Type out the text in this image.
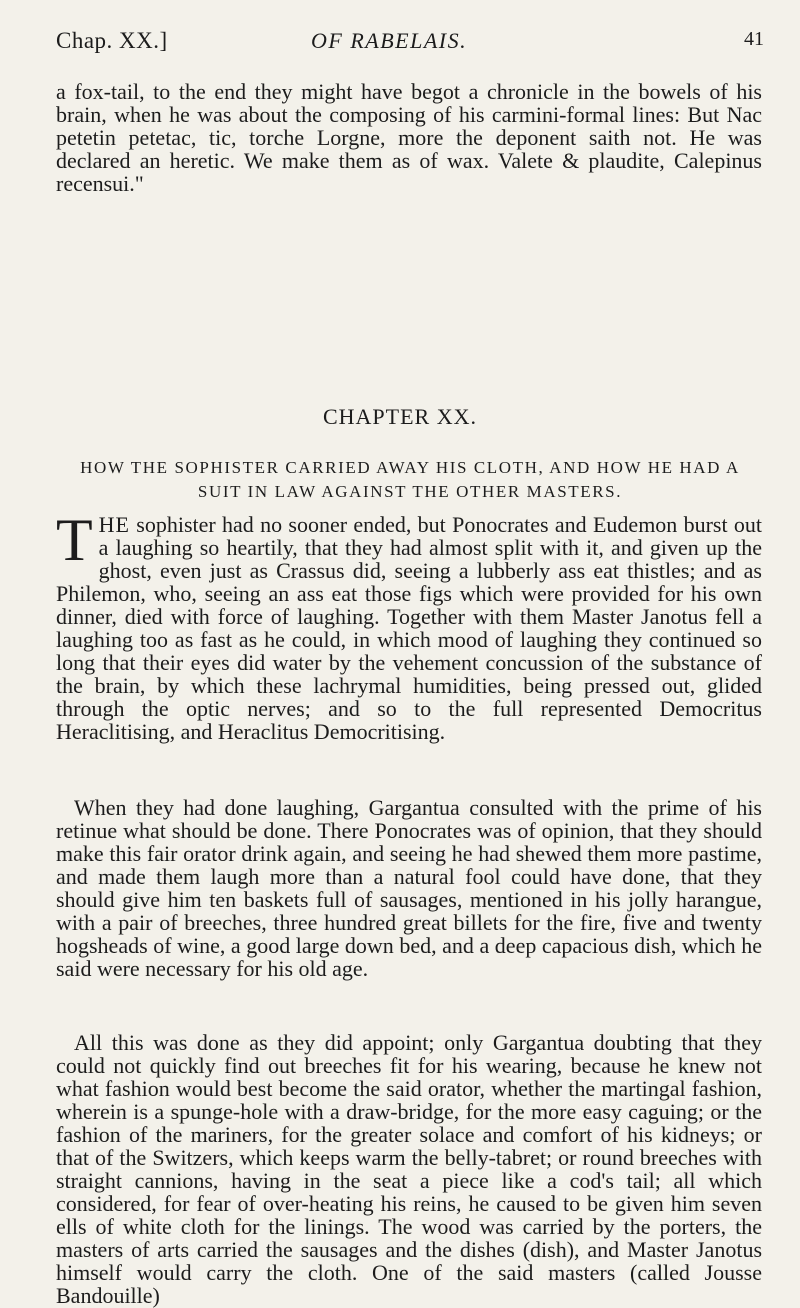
Chap. XX.]	OF RABELAIS.	41

a fox-tail, to the end they might have begot a chronicle in the bowels of his brain, when he was about the composing of his carmini-formal lines: But Nac petetin petetac, tic, torche Lorgne, more the deponent saith not. He was declared an heretic. We make them as of wax. Valete & plaudite, Calepinus recensui."

CHAPTER XX.
HOW THE SOPHISTER CARRIED AWAY HIS CLOTH, AND HOW HE HAD A SUIT IN LAW AGAINST THE OTHER MASTERS.

THE sophister had no sooner ended, but Ponocrates and Eudemon burst out a laughing so heartily, that they had almost split with it, and given up the ghost, even just as Crassus did, seeing a lubberly ass eat thistles; and as Philemon, who, seeing an ass eat those figs which were provided for his own dinner, died with force of laughing. Together with them Master Janotus fell a laughing too as fast as he could, in which mood of laughing they continued so long that their eyes did water by the vehement concussion of the substance of the brain, by which these lachrymal humidities, being pressed out, glided through the optic nerves; and so to the full represented Democritus Heraclitising, and Heraclitus Democritising.

When they had done laughing, Gargantua consulted with the prime of his retinue what should be done. There Ponocrates was of opinion, that they should make this fair orator drink again, and seeing he had shewed them more pastime, and made them laugh more than a natural fool could have done, that they should give him ten baskets full of sausages, mentioned in his jolly harangue, with a pair of breeches, three hundred great billets for the fire, five and twenty hogsheads of wine, a good large down bed, and a deep capacious dish, which he said were necessary for his old age.

All this was done as they did appoint; only Gargantua doubting that they could not quickly find out breeches fit for his wearing, because he knew not what fashion would best become the said orator, whether the martingal fashion, wherein is a spunge-hole with a draw-bridge, for the more easy caguing; or the fashion of the mariners, for the greater solace and comfort of his kidneys; or that of the Switzers, which keeps warm the belly-tabret; or round breeches with straight cannions, having in the seat a piece like a cod's tail; all which considered, for fear of over-heating his reins, he caused to be given him seven ells of white cloth for the linings. The wood was carried by the porters, the masters of arts carried the sausages and the dishes (dish), and Master Janotus himself would carry the cloth. One of the said masters (called Jousse Bandouille)
